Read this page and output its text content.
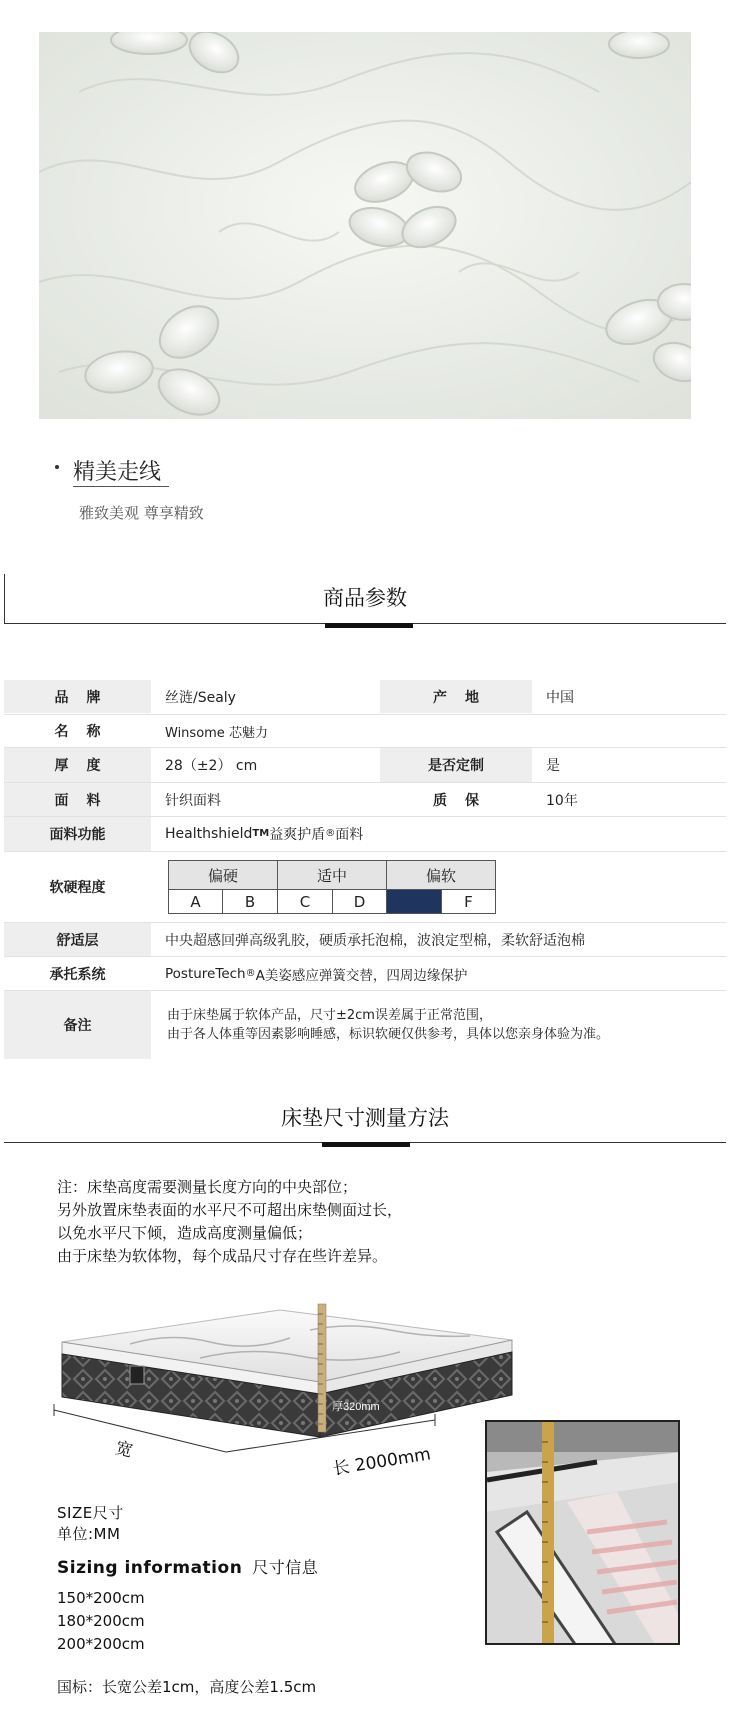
精美走线
雅致美观 尊享精致
商品参数
品牌	丝涟/Sealy	产地	中国
名称	Winsome 芯魅力
厚度	28（±2） cm	是否定制	是
面料	针织面料	质保	10年
面料功能	Healthshield TM 益爽护盾 ® 面料
软硬程度
偏硬	适中	偏软
A	B	C	D	E	F
舒适层	中央超感回弹高级乳胶，硬质承托泡棉，波浪定型棉，柔软舒适泡棉
承托系统	PostureTech ® A美姿感应弹簧交替，四周边缘保护
备注
由于床垫属于软体产品，尺寸±2cm误差属于正常范围，
由于各人体重等因素影响睡感，标识软硬仅供参考，具体以您亲身体验为准。
床垫尺寸测量方法
注：床垫高度需要测量长度方向的中央部位；
另外放置床垫表面的水平尺不可超出床垫侧面过长，
以免水平尺下倾，造成高度测量偏低；
由于床垫为软体物，每个成品尺寸存在些许差异。
厚320mm
宽	长 2000mm
SIZE尺寸
单位:MM
Sizing information 尺寸信息
150*200cm
180*200cm
200*200cm
国标：长宽公差1cm，高度公差1.5cm
